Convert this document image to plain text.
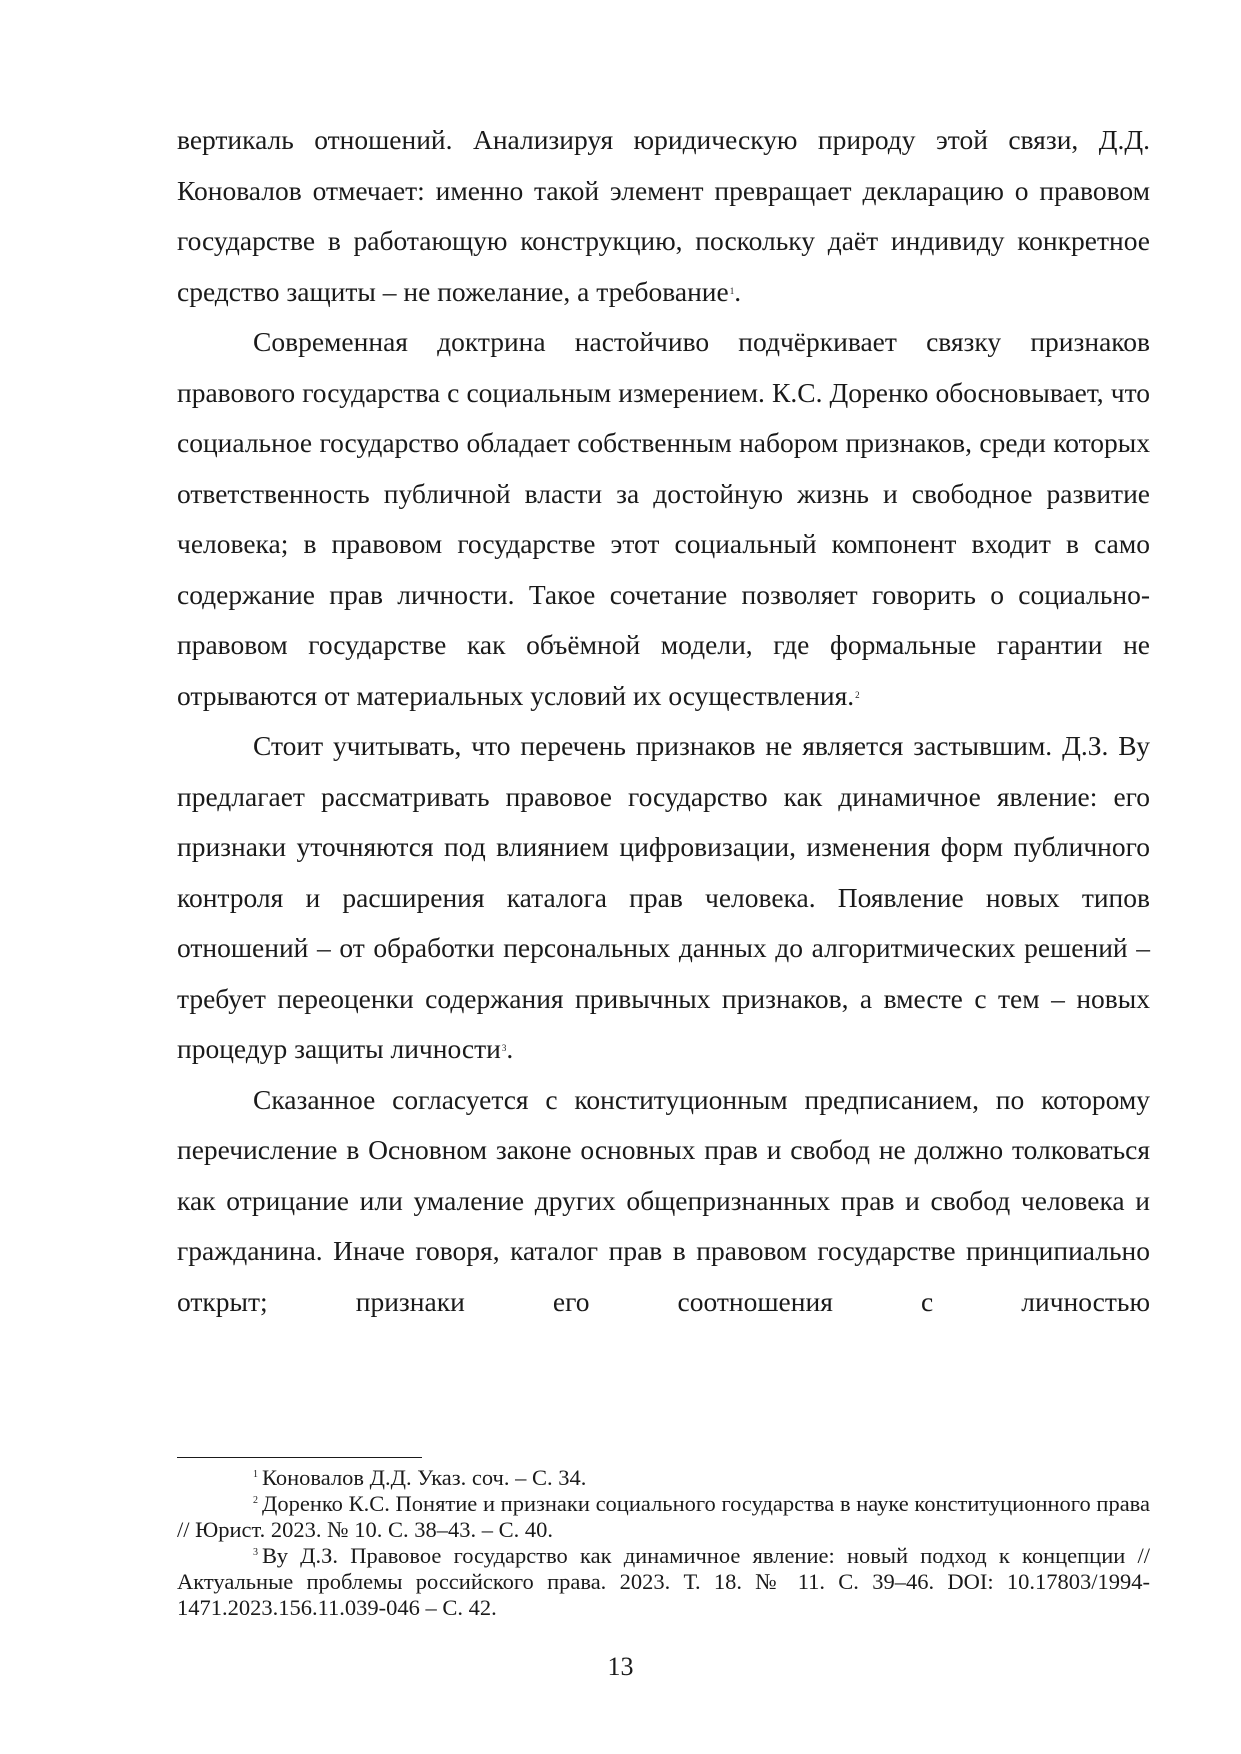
вертикаль отношений. Анализируя юридическую природу этой связи, Д.Д. Коновалов отмечает: именно такой элемент превращает декларацию о правовом государстве в работающую конструкцию, поскольку даёт индивиду конкретное средство защиты – не пожелание, а требование$^1$.

Современная доктрина настойчиво подчёркивает связку признаков правового государства с социальным измерением. К.С. Доренко обосновывает, что социальное государство обладает собственным набором признаков, среди которых ответственность публичной власти за достойную жизнь и свободное развитие человека; в правовом государстве этот социальный компонент входит в само содержание прав личности. Такое сочетание позволяет говорить о социально-правовом государстве как объёмной модели, где формальные гарантии не отрываются от материальных условий их осуществления.$^2$

Стоит учитывать, что перечень признаков не является застывшим. Д.З. Ву предлагает рассматривать правовое государство как динамичное явление: его признаки уточняются под влиянием цифровизации, изменения форм публичного контроля и расширения каталога прав человека. Появление новых типов отношений – от обработки персональных данных до алгоритмических решений – требует переоценки содержания привычных признаков, а вместе с тем – новых процедур защиты личности$^3$.

Сказанное согласуется с конституционным предписанием, по которому перечисление в Основном законе основных прав и свобод не должно толковаться как отрицание или умаление других общепризнанных прав и свобод человека и гражданина. Иначе говоря, каталог прав в правовом государстве принципиально открыт; признаки его соотношения с личностью

$^1$ Коновалов Д.Д. Указ. соч. – С. 34.

$^2$ Доренко К.С. Понятие и признаки социального государства в науке конституционного права // Юрист. 2023. № 10. С. 38–43. – С. 40.

$^3$ Ву Д.З. Правовое государство как динамичное явление: новый подход к концепции // Актуальные проблемы российского права. 2023. Т. 18. № 11. С. 39–46. DOI: 10.17803/1994-1471.2023.156.11.039-046 – С. 42.

13
